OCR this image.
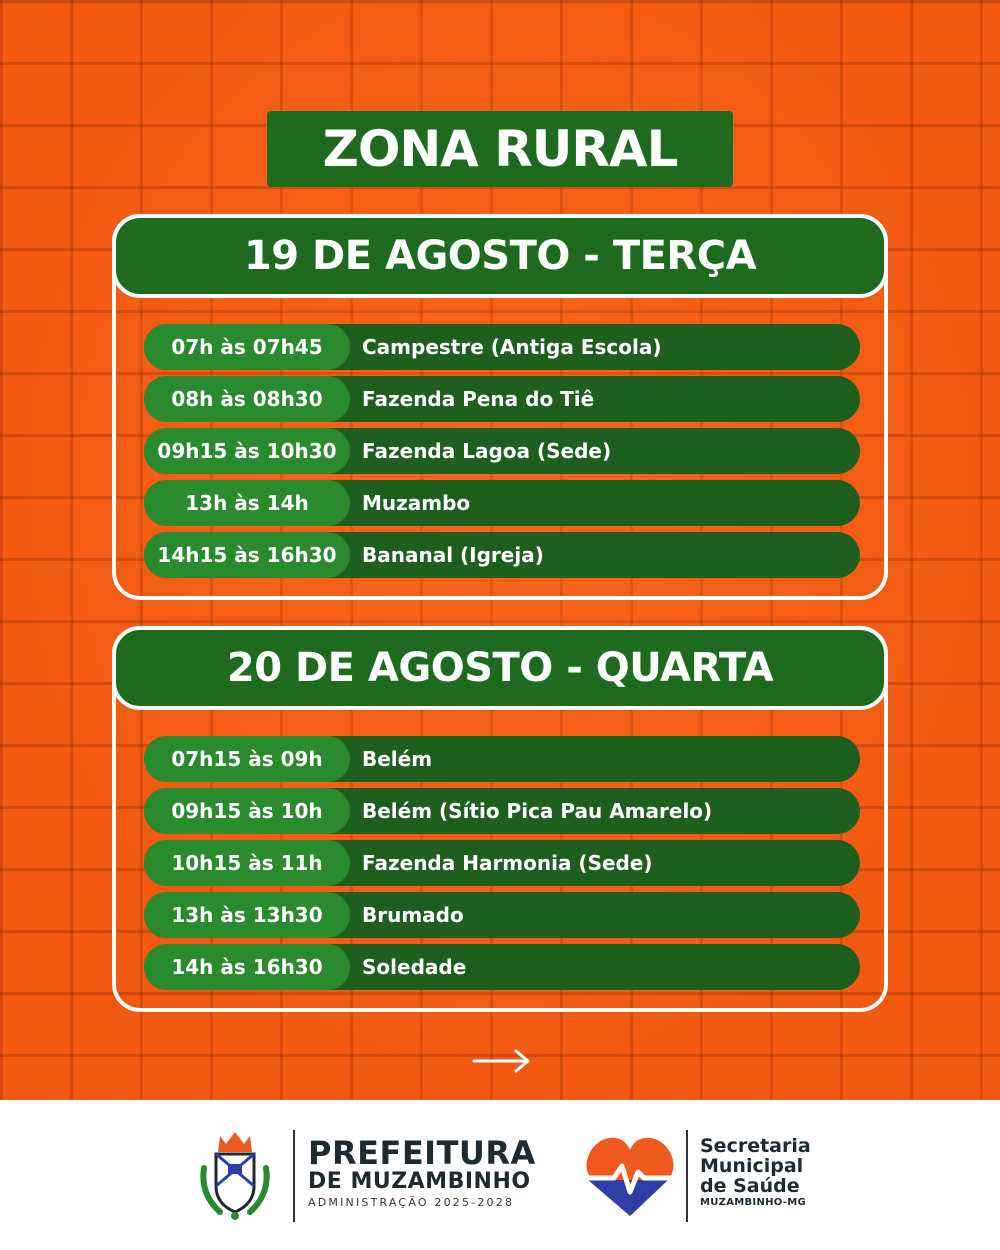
ZONA RURAL
19 DE AGOSTO - TERÇA
07h às 07h45	Campestre (Antiga Escola)
08h às 08h30	Fazenda Pena do Tiê
09h15 às 10h30	Fazenda Lagoa (Sede)
13h às 14h	Muzambo
14h15 às 16h30	Bananal (Igreja)
20 DE AGOSTO - QUARTA
07h15 às 09h	Belém
09h15 às 10h	Belém (Sítio Pica Pau Amarelo)
10h15 às 11h	Fazenda Harmonia (Sede)
13h às 13h30	Brumado
14h às 16h30	Soledade
PREFEITURA
DE MUZAMBINHO
ADMINISTRAÇÃO 2025-2028
Secretaria
Municipal
de Saúde
MUZAMBINHO-MG
